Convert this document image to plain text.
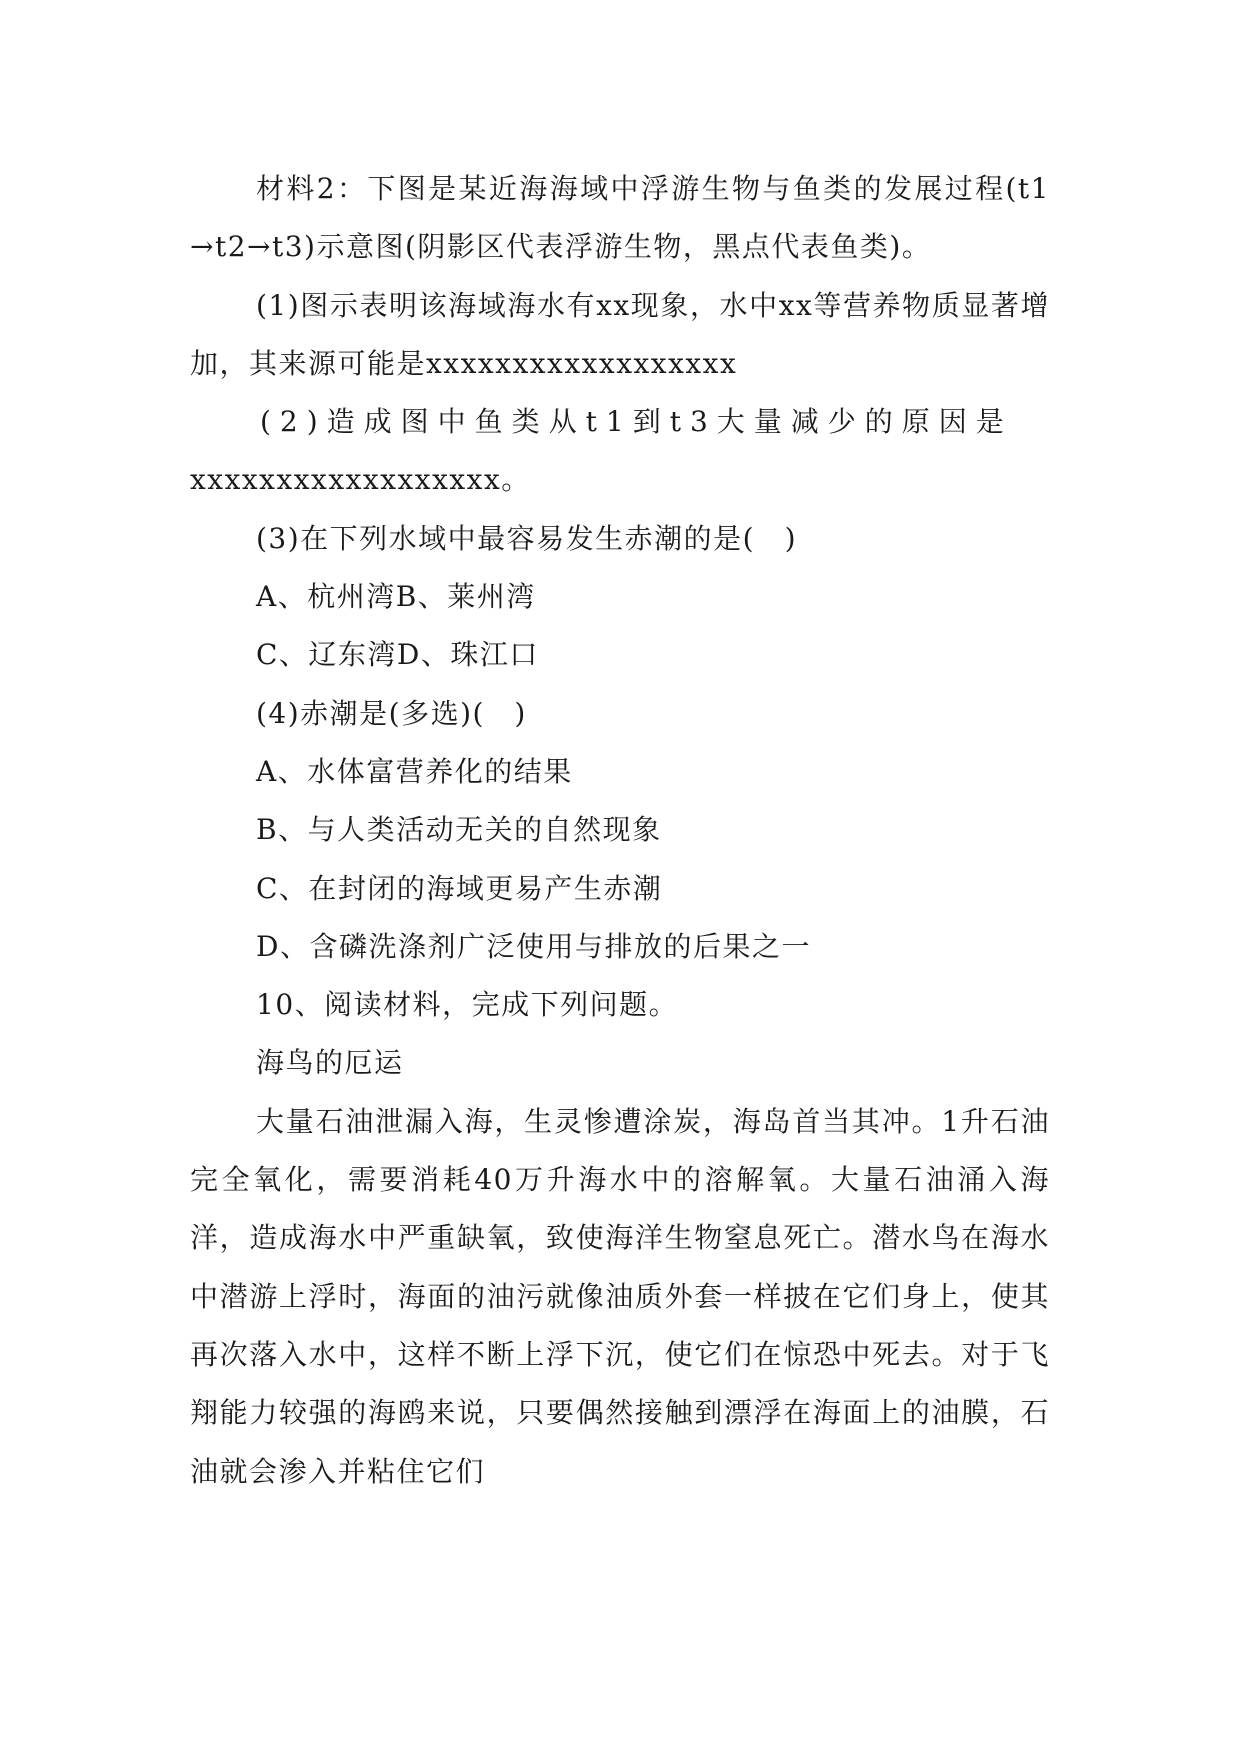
材料2：下图是某近海海域中浮游生物与鱼类的发展过程(t1→t2→t3)示意图(阴影区代表浮游生物，黑点代表鱼类)。

(1)图示表明该海域海水有xx现象，水中xx等营养物质显著增加，其来源可能是xxxxxxxxxxxxxxxxxx

(2)造成图中鱼类从t1到t3大量减少的原因是

xxxxxxxxxxxxxxxxxx。

(3)在下列水域中最容易发生赤潮的是(　)

A、杭州湾B、莱州湾

C、辽东湾D、珠江口

(4)赤潮是(多选)(　)

A、水体富营养化的结果

B、与人类活动无关的自然现象

C、在封闭的海域更易产生赤潮

D、含磷洗涤剂广泛使用与排放的后果之一

10、阅读材料，完成下列问题。

海鸟的厄运

大量石油泄漏入海，生灵惨遭涂炭，海岛首当其冲。1升石油完全氧化，需要消耗40万升海水中的溶解氧。大量石油涌入海洋，造成海水中严重缺氧，致使海洋生物窒息死亡。潜水鸟在海水中潜游上浮时，海面的油污就像油质外套一样披在它们身上，使其再次落入水中，这样不断上浮下沉，使它们在惊恐中死去。对于飞翔能力较强的海鸥来说，只要偶然接触到漂浮在海面上的油膜，石油就会渗入并粘住它们
